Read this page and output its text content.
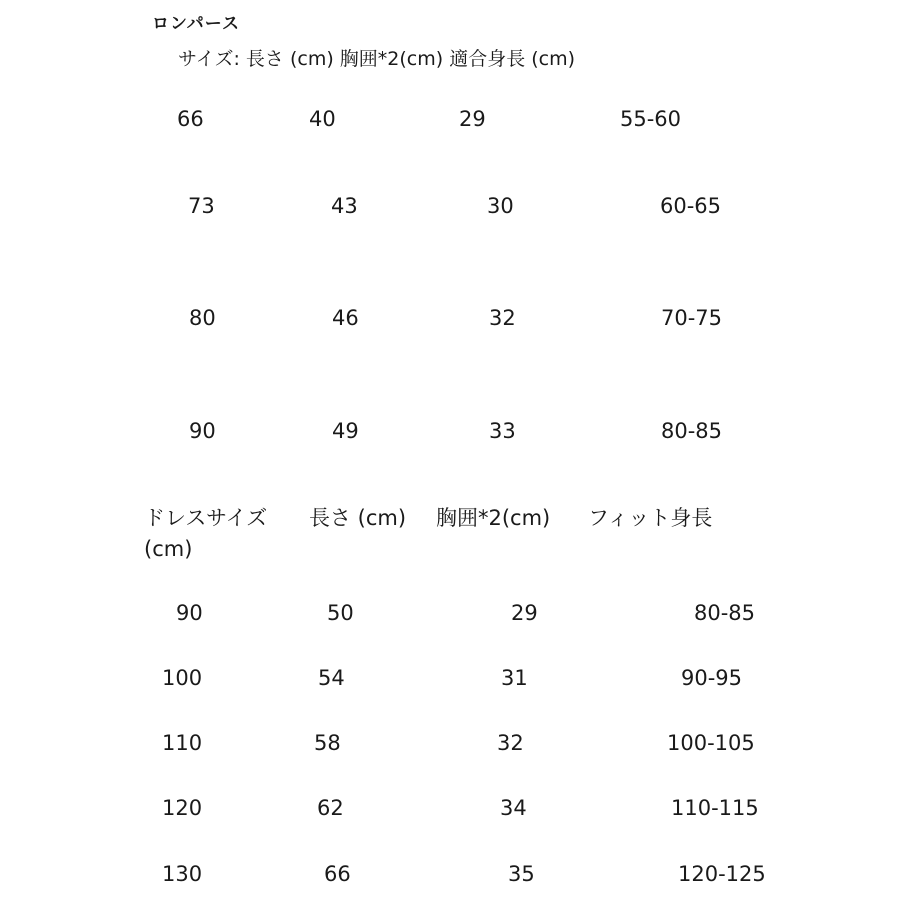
ロンパース
サイズ: 長さ (cm) 胸囲*2(cm) 適合身長 (cm)
66	40	29	55-60
73	43	30	60-65
80	46	32	70-75
90	49	33	80-85
ドレスサイズ 長さ (cm) 胸囲*2(cm) フィット身長
(cm)
90	50	29	80-85
100	54	31	90-95
110	58	32	100-105
120	62	34	110-115
130	66	35	120-125
